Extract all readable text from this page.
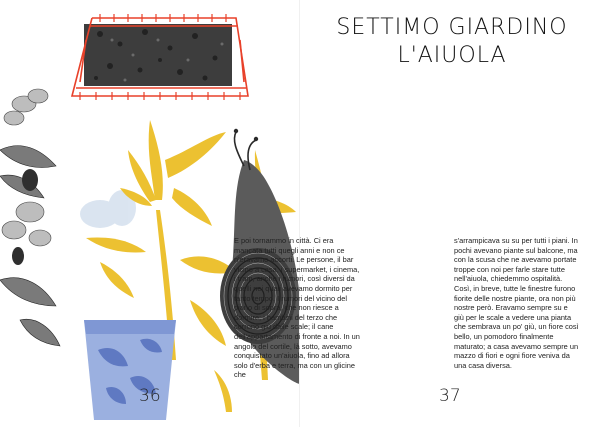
SETTIMO GIARDINO
L'AIUOLA

E poi tornammo in città. Ci era mancata tutti quegli anni e non ce n'eravamo accorti. Le persone, il bar vicino a casa, i supermarket, i cinema, i tram, anche i rumori, così diversi da quelli nei quali avevamo dormito per tanto tempo. I rumori del vicino del piano di sopra, che non riesce a dormire; i bambini del terzo che corrono giù dalle scale; il cane dell'appartamento di fronte a noi. In un angolo del cortile, là sotto, avevamo conquistato un'aiuola, fino ad allora solo d'erba e terra, ma con un glicine che

s'arrampicava su su per tutti i piani. In pochi avevano piante sul balcone, ma con la scusa che ne avevamo portate troppe con noi per farle stare tutte nell'aiuola, chiedemmo ospitalità. Così, in breve, tutte le finestre furono fiorite delle nostre piante, ora non più nostre però. Eravamo sempre su e giù per le scale a vedere una pianta che sembrava un po' giù, un fiore così bello, un pomodoro finalmente maturato; a casa avevamo sempre un mazzo di fiori e ogni fiore veniva da una casa diversa.

36	37
